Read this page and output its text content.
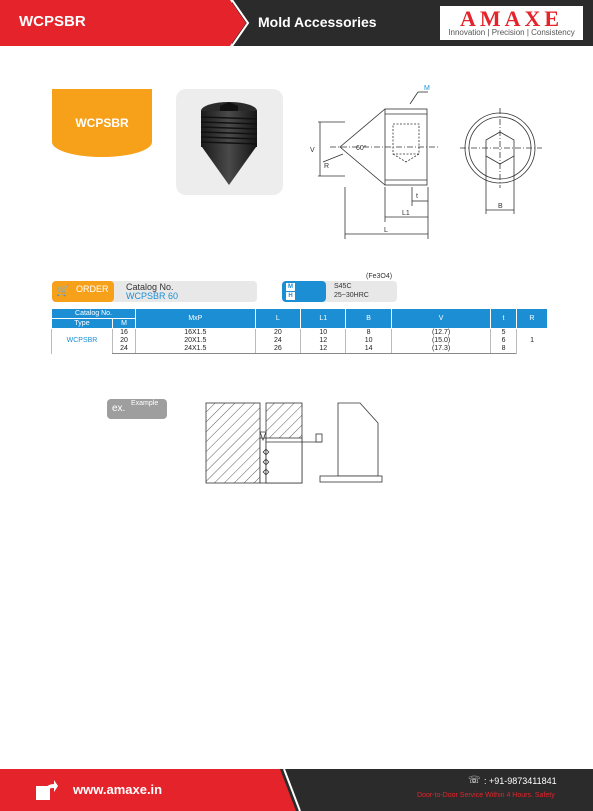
WCPSBR	Mold Accessories	AMAXE
Innovation | Precision | Consistency
WCPSBR
M
V
R
60°
t
L1
L
B
🛒 ORDER Catalog No.
WCPSBR 60
(Fe3O4)
M
H
S45C
25~30HRC
Catalog No.		MxP	L	L1	B	V	t	R
Type	M							
WCPSBR	16	16X1.5	20	10	8	(12.7)	5	1
	20	20X1.5	24	12	10	(15.0)	6	
	24	24X1.5	26	12	14	(17.3)	8	
ex. Example
www.amaxe.in
☏ : +91-9873411841
Door-to-Door Service Within 4 Hours. Safety
